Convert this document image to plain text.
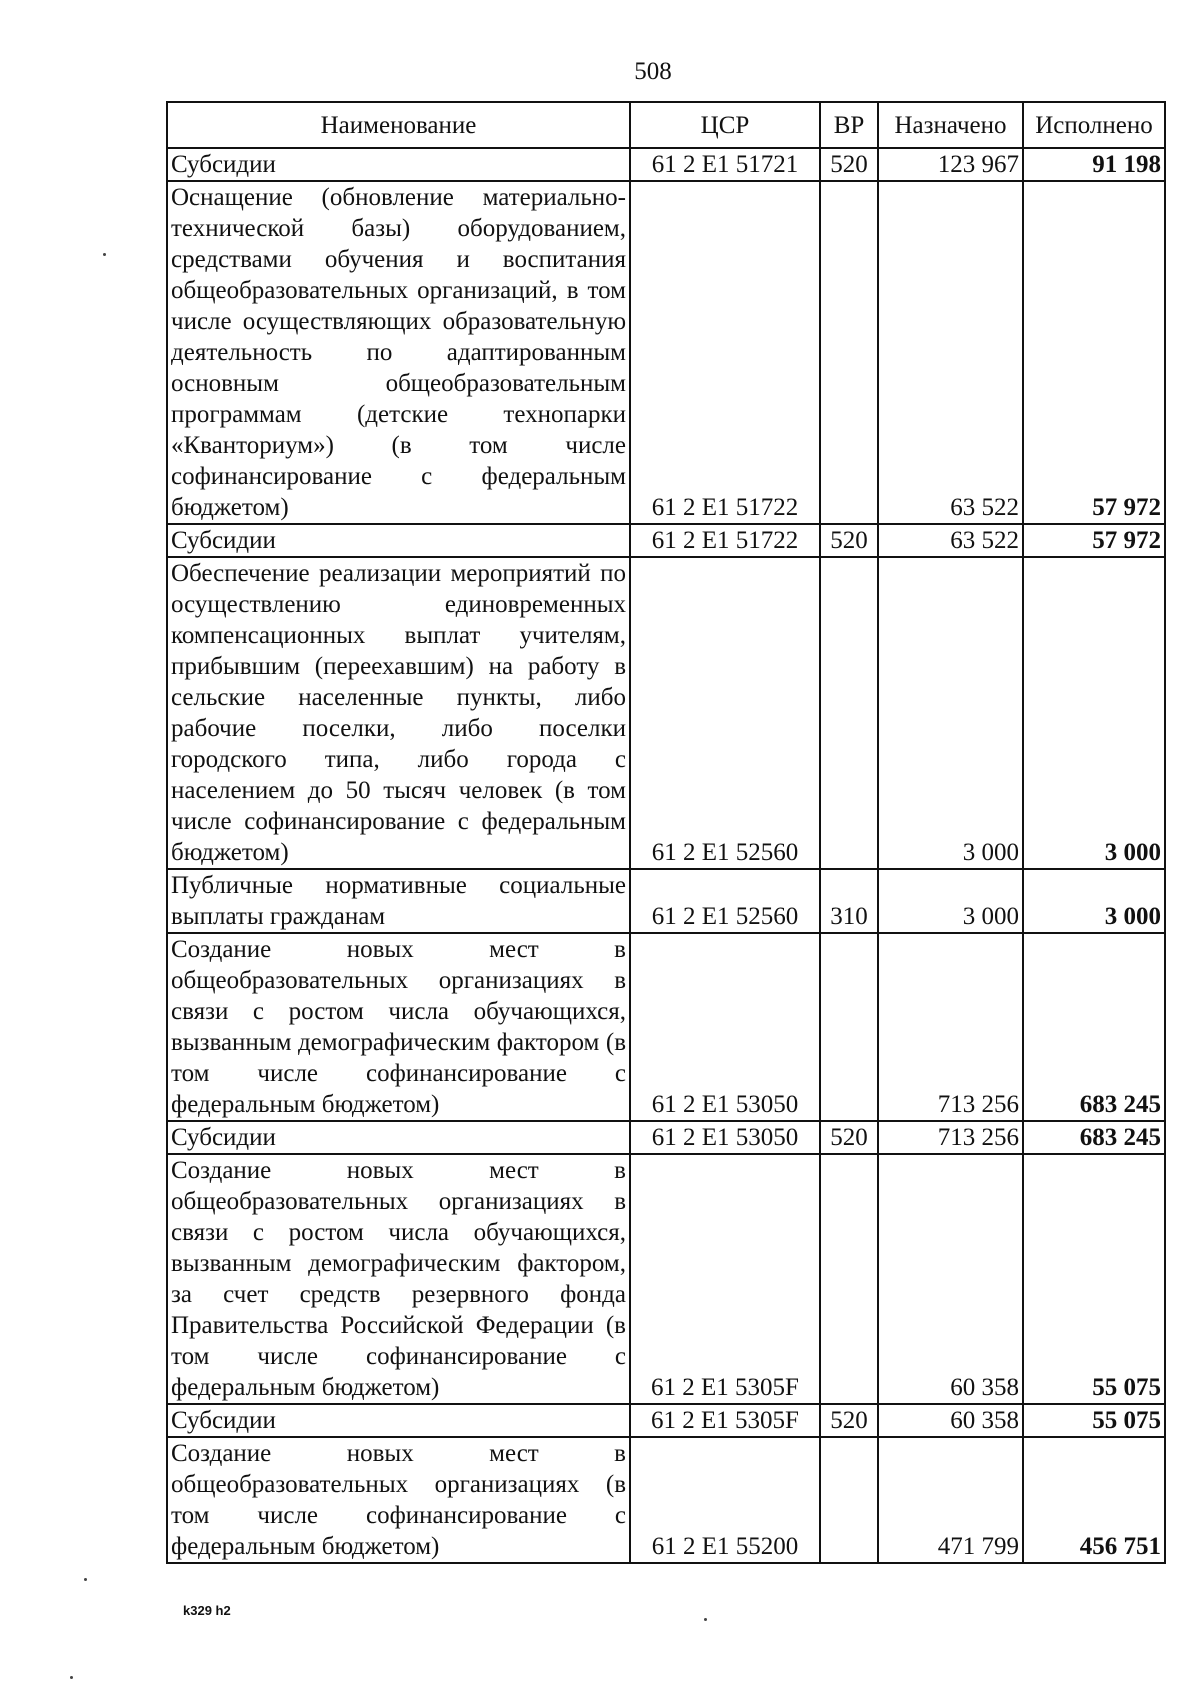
508
Наименование	ЦСР	ВР	Назначено	Исполнено
Субсидии	61 2 E1 51721	520	123 967	91 198
Оснащение (обновление материально-технической базы) оборудованием, средствами обучения и воспитания общеобразовательных организаций, в том числе осуществляющих образовательную деятельность по адаптированным основным общеобразовательным программам (детские технопарки «Кванториум») (в том числе софинансирование с федеральным бюджетом)	61 2 E1 51722		63 522	57 972
Субсидии	61 2 E1 51722	520	63 522	57 972
Обеспечение реализации мероприятий по осуществлению единовременных компенсационных выплат учителям, прибывшим (переехавшим) на работу в сельские населенные пункты, либо рабочие поселки, либо поселки городского типа, либо города с населением до 50 тысяч человек (в том числе софинансирование с федеральным бюджетом)	61 2 E1 52560		3 000	3 000
Публичные нормативные социальные выплаты гражданам	61 2 E1 52560	310	3 000	3 000
Создание новых мест в общеобразовательных организациях в связи с ростом числа обучающихся, вызванным демографическим фактором (в том числе софинансирование с федеральным бюджетом)	61 2 E1 53050		713 256	683 245
Субсидии	61 2 E1 53050	520	713 256	683 245
Создание новых мест в общеобразовательных организациях в связи с ростом числа обучающихся, вызванным демографическим фактором, за счет средств резервного фонда Правительства Российской Федерации (в том числе софинансирование с федеральным бюджетом)	61 2 E1 5305F		60 358	55 075
Субсидии	61 2 E1 5305F	520	60 358	55 075
Создание новых мест в общеобразовательных организациях (в том числе софинансирование с федеральным бюджетом)	61 2 E1 55200		471 799	456 751
k329 h2
